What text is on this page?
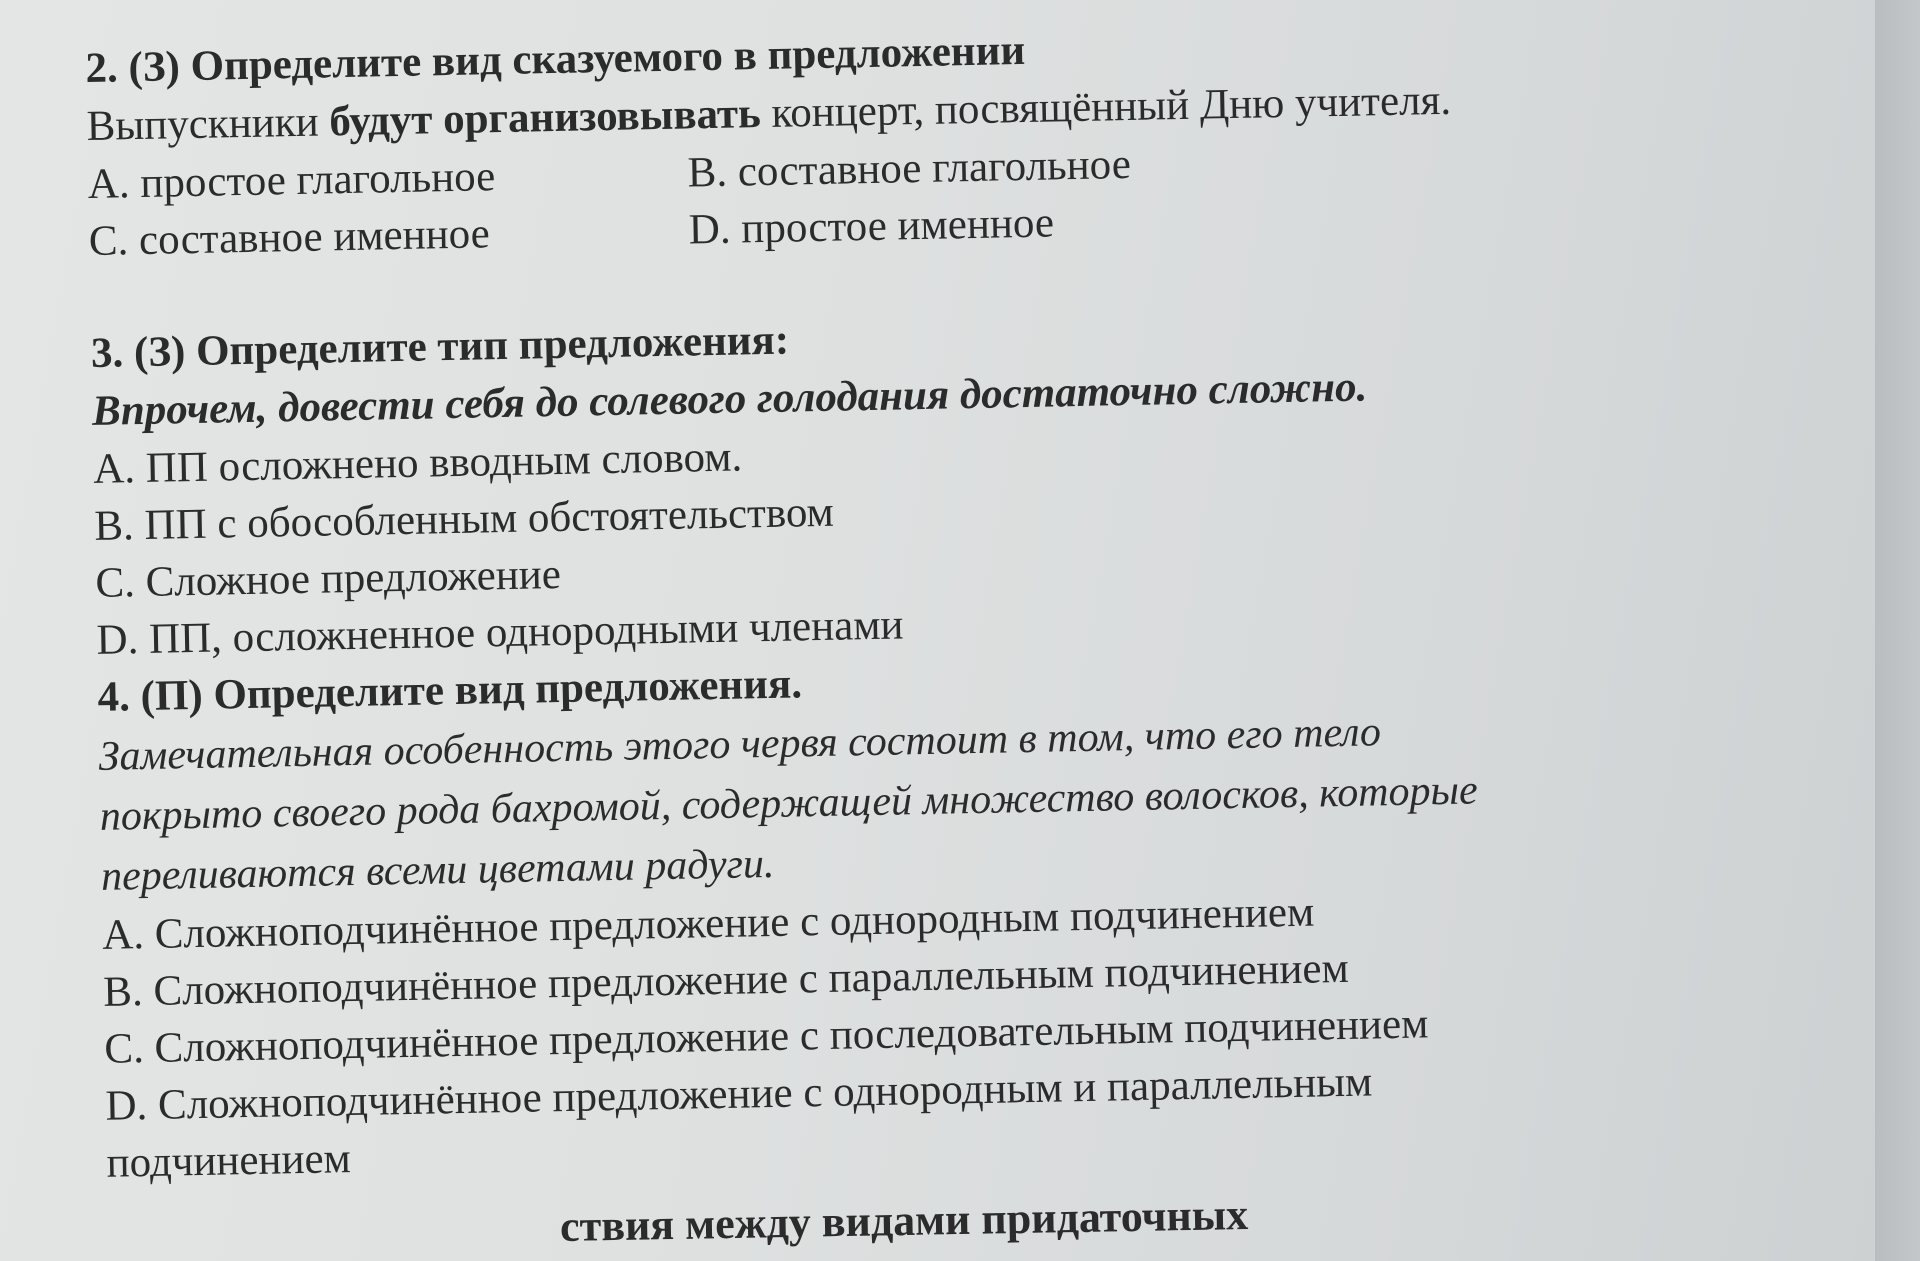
2. (З) Определите вид сказуемого в предложении
Выпускники будут организовывать концерт, посвящённый Дню учителя.
А. простое глагольное	В. составное глагольное
С. составное именное	D. простое именное
3. (З) Определите тип предложения:
Впрочем, довести себя до солевого голодания достаточно сложно.
А. ПП осложнено вводным словом.
В. ПП с обособленным обстоятельством
С. Сложное предложение
D. ПП, осложненное однородными членами
4. (П) Определите вид предложения.
Замечательная особенность этого червя состоит в том, что его тело
покрыто своего рода бахромой, содержащей множество волосков, которые
переливаются всеми цветами радуги.
А. Сложноподчинённое предложение с однородным подчинением
В. Сложноподчинённое предложение с параллельным подчинением
С. Сложноподчинённое предложение с последовательным подчинением
D. Сложноподчинённое предложение с однородным и параллельным
подчинением
ствия между видами придаточных
